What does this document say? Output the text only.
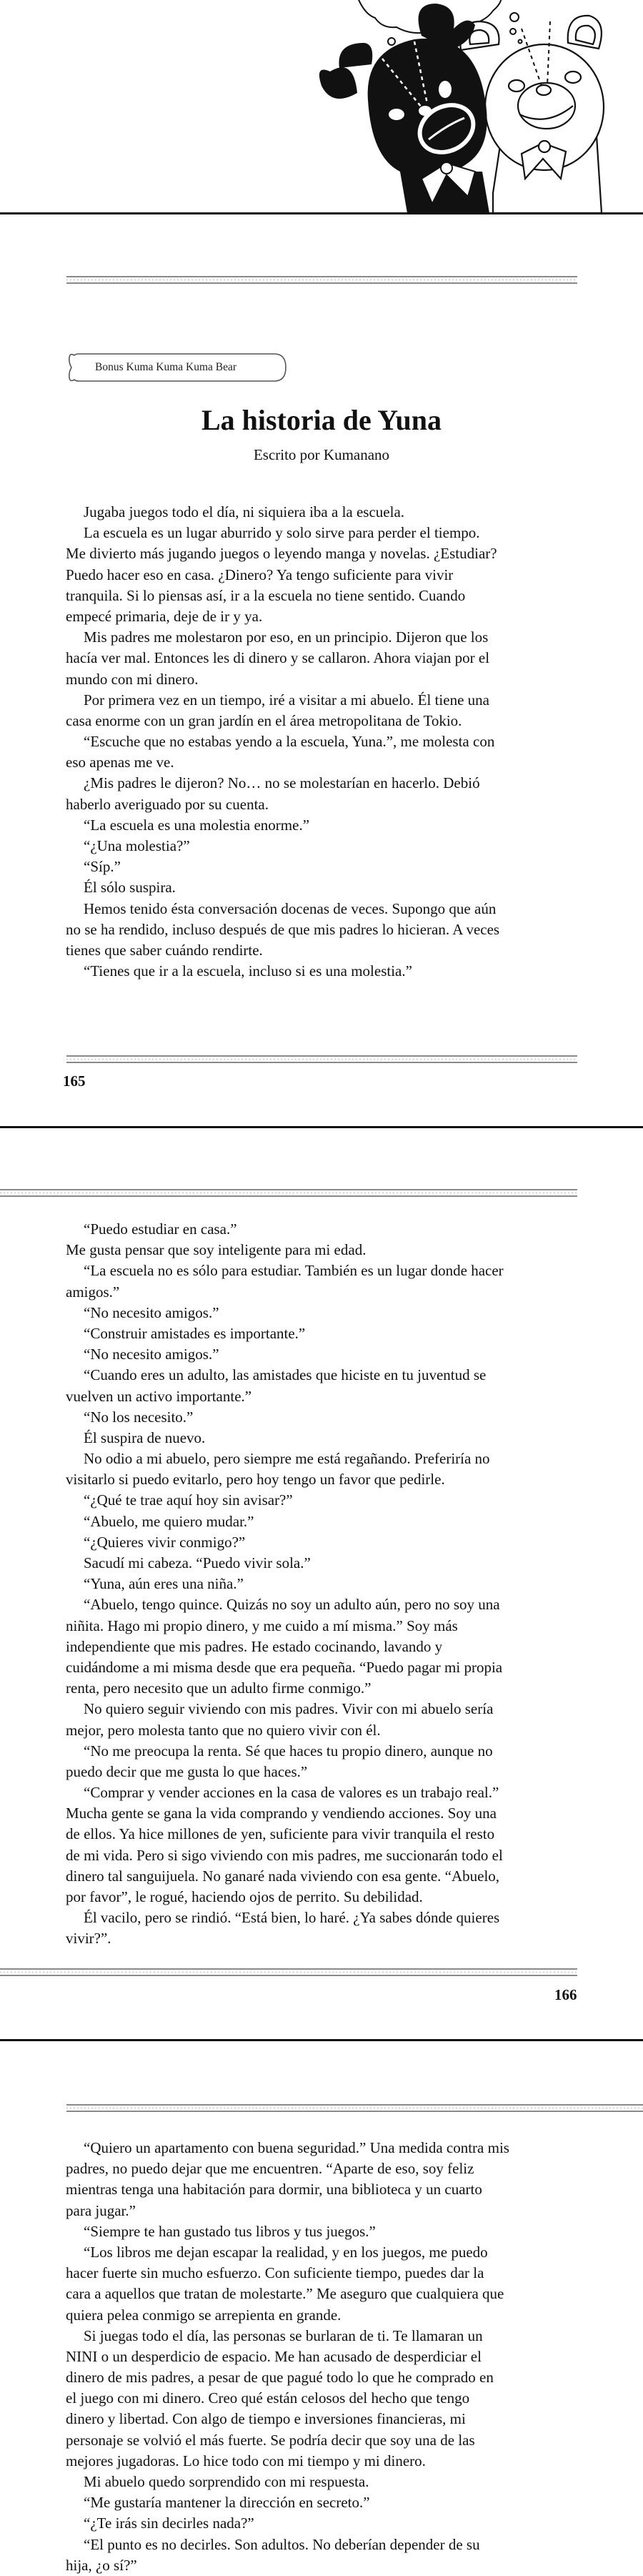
Bonus Kuma Kuma Kuma Bear
La historia de Yuna
Escrito por Kumanano
Jugaba juegos todo el día, ni siquiera iba a la escuela.
La escuela es un lugar aburrido y solo sirve para perder el tiempo.
Me divierto más jugando juegos o leyendo manga y novelas. ¿Estudiar?
Puedo hacer eso en casa. ¿Dinero? Ya tengo suficiente para vivir
tranquila. Si lo piensas así, ir a la escuela no tiene sentido. Cuando
empecé primaria, deje de ir y ya.
Mis padres me molestaron por eso, en un principio. Dijeron que los
hacía ver mal. Entonces les di dinero y se callaron. Ahora viajan por el
mundo con mi dinero.
Por primera vez en un tiempo, iré a visitar a mi abuelo. Él tiene una
casa enorme con un gran jardín en el área metropolitana de Tokio.
“Escuche que no estabas yendo a la escuela, Yuna.”, me molesta con
eso apenas me ve.
¿Mis padres le dijeron? No… no se molestarían en hacerlo. Debió
haberlo averiguado por su cuenta.
“La escuela es una molestia enorme.”
“¿Una molestia?”
“Síp.”
Él sólo suspira.
Hemos tenido ésta conversación docenas de veces. Supongo que aún
no se ha rendido, incluso después de que mis padres lo hicieran. A veces
tienes que saber cuándo rendirte.
“Tienes que ir a la escuela, incluso si es una molestia.”
165
“Puedo estudiar en casa.”
Me gusta pensar que soy inteligente para mi edad.
“La escuela no es sólo para estudiar. También es un lugar donde hacer
amigos.”
“No necesito amigos.”
“Construir amistades es importante.”
“No necesito amigos.”
“Cuando eres un adulto, las amistades que hiciste en tu juventud se
vuelven un activo importante.”
“No los necesito.”
Él suspira de nuevo.
No odio a mi abuelo, pero siempre me está regañando. Preferiría no
visitarlo si puedo evitarlo, pero hoy tengo un favor que pedirle.
“¿Qué te trae aquí hoy sin avisar?”
“Abuelo, me quiero mudar.”
“¿Quieres vivir conmigo?”
Sacudí mi cabeza. “Puedo vivir sola.”
“Yuna, aún eres una niña.”
“Abuelo, tengo quince. Quizás no soy un adulto aún, pero no soy una
niñita. Hago mi propio dinero, y me cuido a mí misma.” Soy más
independiente que mis padres. He estado cocinando, lavando y
cuidándome a mi misma desde que era pequeña. “Puedo pagar mi propia
renta, pero necesito que un adulto firme conmigo.”
No quiero seguir viviendo con mis padres. Vivir con mi abuelo sería
mejor, pero molesta tanto que no quiero vivir con él.
“No me preocupa la renta. Sé que haces tu propio dinero, aunque no
puedo decir que me gusta lo que haces.”
“Comprar y vender acciones en la casa de valores es un trabajo real.”
Mucha gente se gana la vida comprando y vendiendo acciones. Soy una
de ellos. Ya hice millones de yen, suficiente para vivir tranquila el resto
de mi vida. Pero si sigo viviendo con mis padres, me succionarán todo el
dinero tal sanguijuela. No ganaré nada viviendo con esa gente. “Abuelo,
por favor”, le rogué, haciendo ojos de perrito. Su debilidad.
Él vacilo, pero se rindió. “Está bien, lo haré. ¿Ya sabes dónde quieres
vivir?”.
166
“Quiero un apartamento con buena seguridad.” Una medida contra mis
padres, no puedo dejar que me encuentren. “Aparte de eso, soy feliz
mientras tenga una habitación para dormir, una biblioteca y un cuarto
para jugar.”
“Siempre te han gustado tus libros y tus juegos.”
“Los libros me dejan escapar la realidad, y en los juegos, me puedo
hacer fuerte sin mucho esfuerzo. Con suficiente tiempo, puedes dar la
cara a aquellos que tratan de molestarte.” Me aseguro que cualquiera que
quiera pelea conmigo se arrepienta en grande.
Si juegas todo el día, las personas se burlaran de ti. Te llamaran un
NINI o un desperdicio de espacio. Me han acusado de desperdiciar el
dinero de mis padres, a pesar de que pagué todo lo que he comprado en
el juego con mi dinero. Creo qué están celosos del hecho que tengo
dinero y libertad. Con algo de tiempo e inversiones financieras, mi
personaje se volvió el más fuerte. Se podría decir que soy una de las
mejores jugadoras. Lo hice todo con mi tiempo y mi dinero.
Mi abuelo quedo sorprendido con mi respuesta.
“Me gustaría mantener la dirección en secreto.”
“¿Te irás sin decirles nada?”
“El punto es no decirles. Son adultos. No deberían depender de su
hija, ¿o sí?”
